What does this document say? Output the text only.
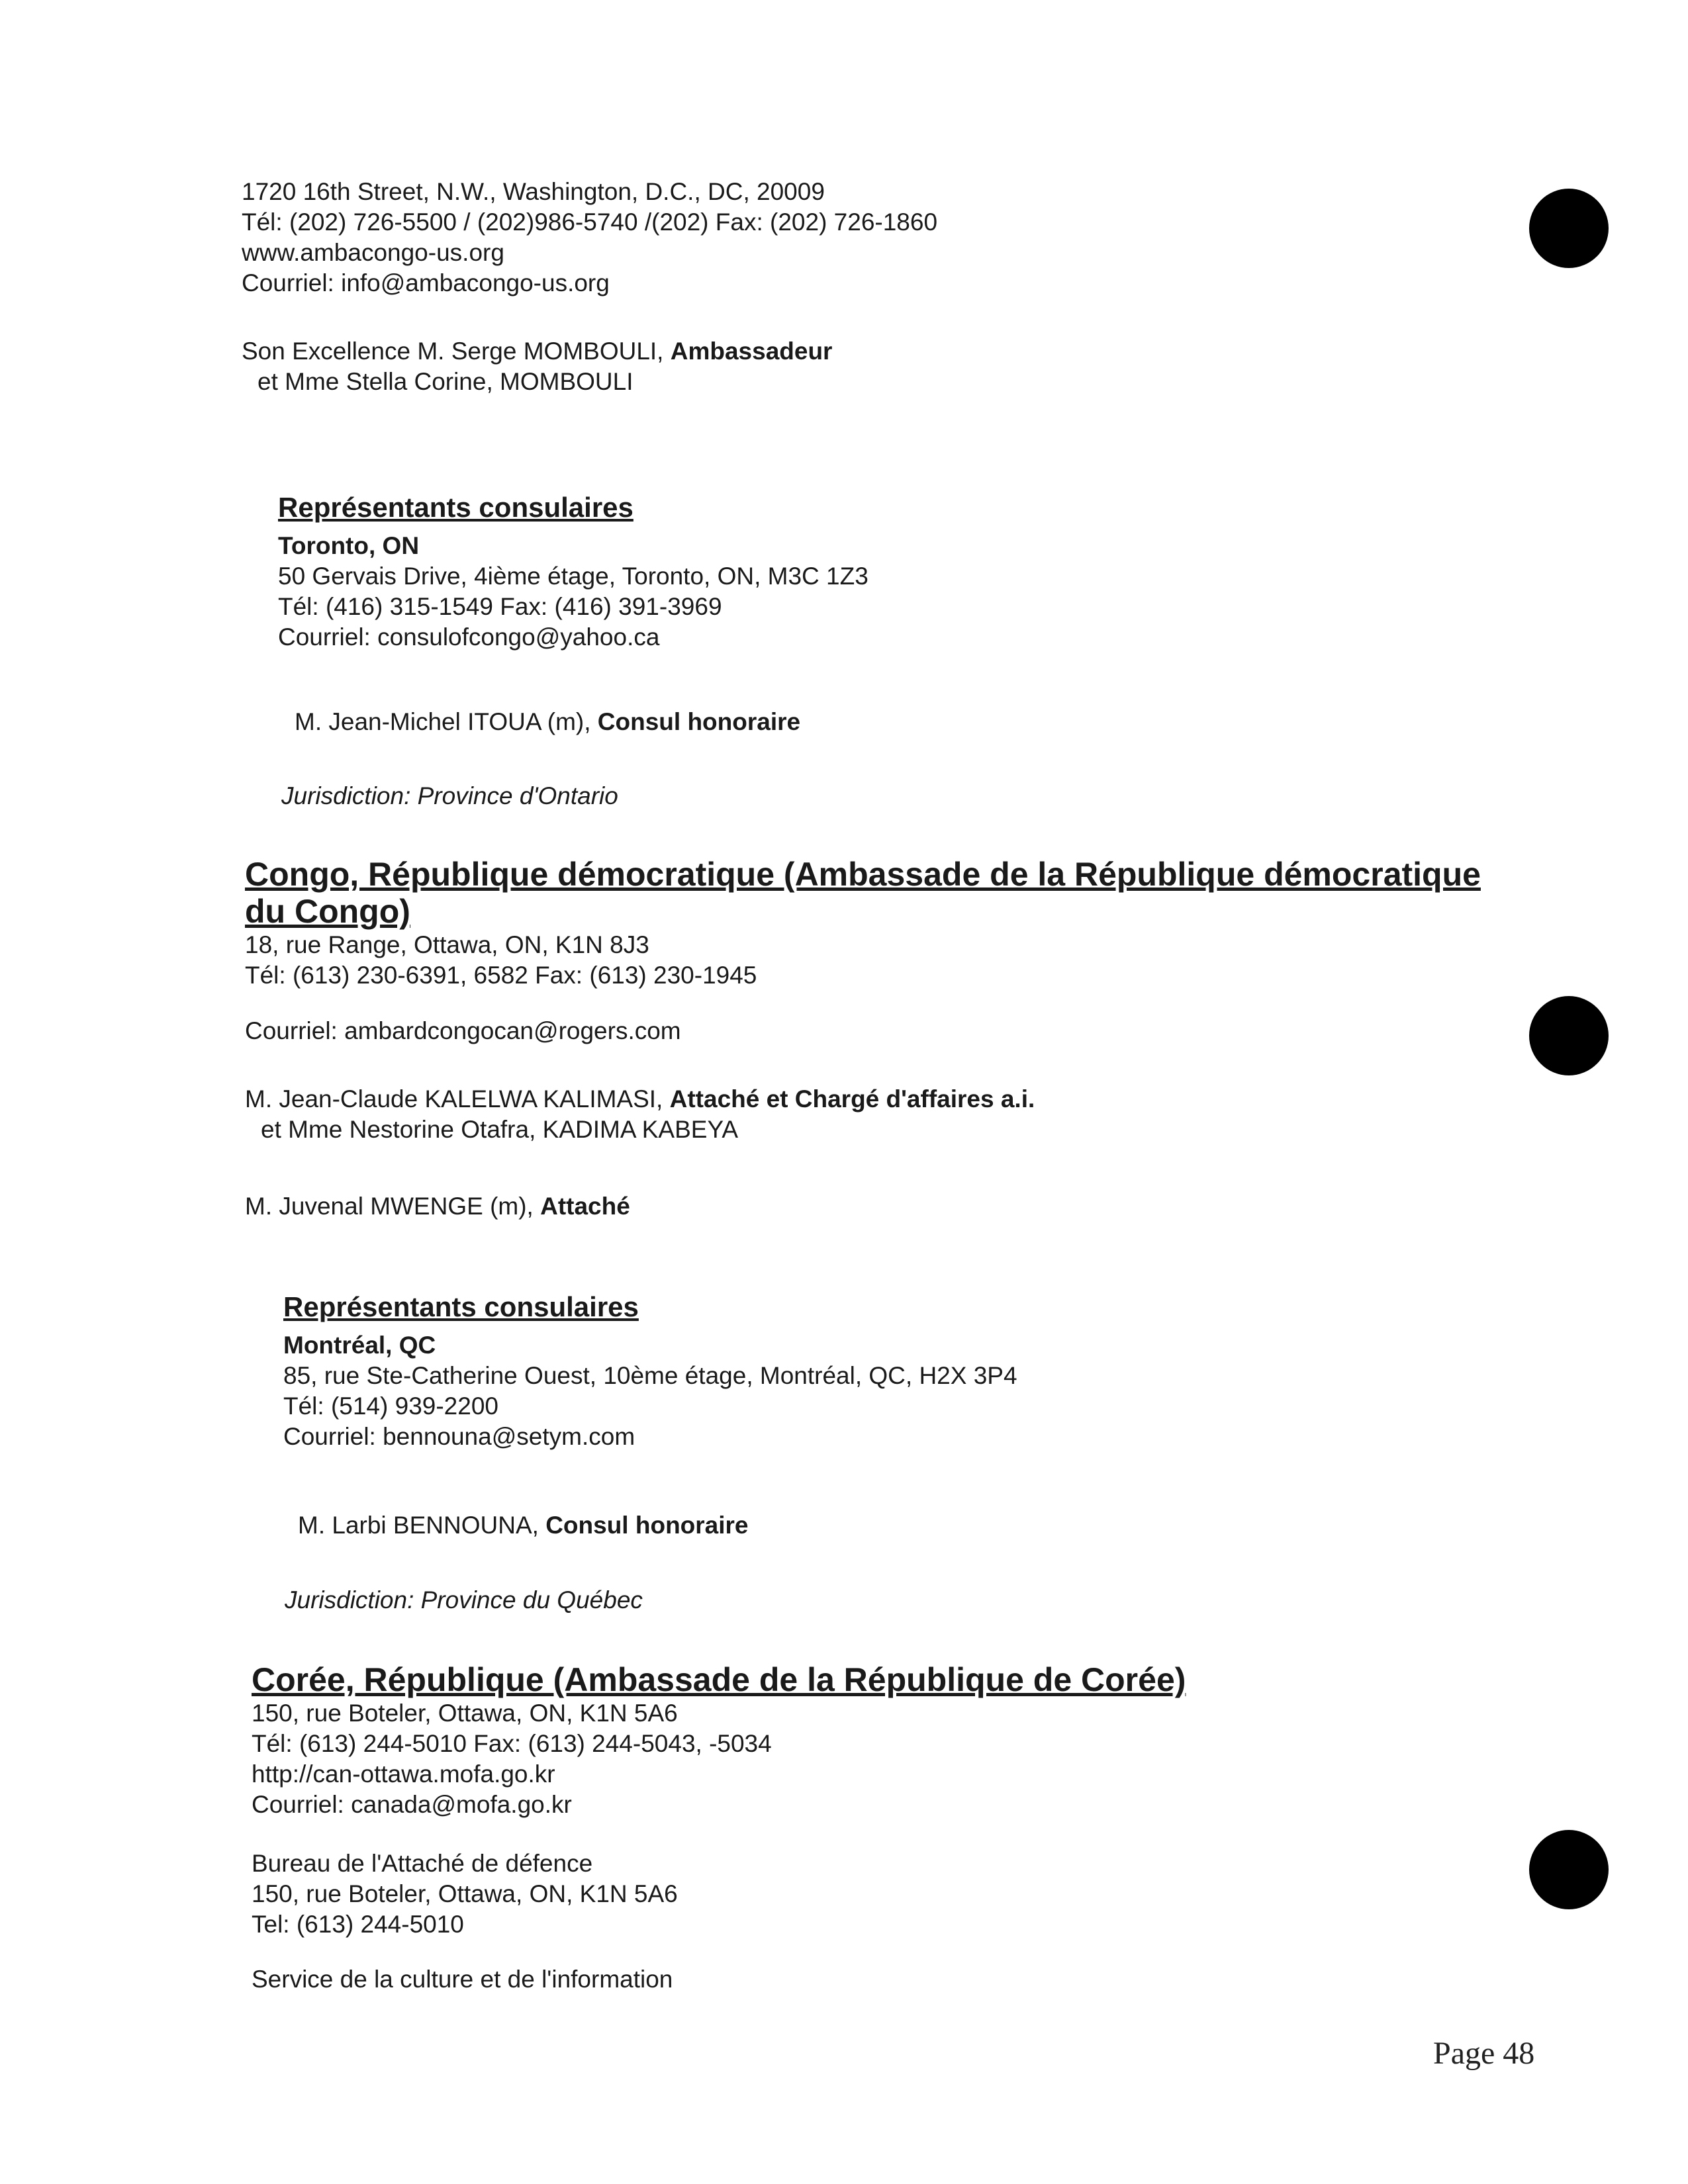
1720 16th Street, N.W., Washington, D.C., DC, 20009
Tél: (202) 726-5500 / (202)986-5740 /(202) Fax: (202) 726-1860
www.ambacongo-us.org
Courriel: info@ambacongo-us.org
Son Excellence M. Serge MOMBOULI, Ambassadeur
et Mme Stella Corine, MOMBOULI
Représentants consulaires
Toronto, ON
50 Gervais Drive, 4ième étage, Toronto, ON, M3C 1Z3
Tél: (416) 315-1549 Fax: (416) 391-3969
Courriel: consulofcongo@yahoo.ca
M. Jean-Michel ITOUA (m), Consul honoraire
Jurisdiction: Province d'Ontario
Congo, République démocratique (Ambassade de la République démocratique
du Congo)
18, rue Range, Ottawa, ON, K1N 8J3
Tél: (613) 230-6391, 6582 Fax: (613) 230-1945
Courriel: ambardcongocan@rogers.com
M. Jean-Claude KALELWA KALIMASI, Attaché et Chargé d'affaires a.i.
et Mme Nestorine Otafra, KADIMA KABEYA
M. Juvenal MWENGE (m), Attaché
Représentants consulaires
Montréal, QC
85, rue Ste-Catherine Ouest, 10ème étage, Montréal, QC, H2X 3P4
Tél: (514) 939-2200
Courriel: bennouna@setym.com
M. Larbi BENNOUNA, Consul honoraire
Jurisdiction: Province du Québec
Corée, République (Ambassade de la République de Corée)
150, rue Boteler, Ottawa, ON, K1N 5A6
Tél: (613) 244-5010 Fax: (613) 244-5043, -5034
http://can-ottawa.mofa.go.kr
Courriel: canada@mofa.go.kr
Bureau de l'Attaché de défence
150, rue Boteler, Ottawa, ON, K1N 5A6
Tel: (613) 244-5010
Service de la culture et de l'information
Page 48
